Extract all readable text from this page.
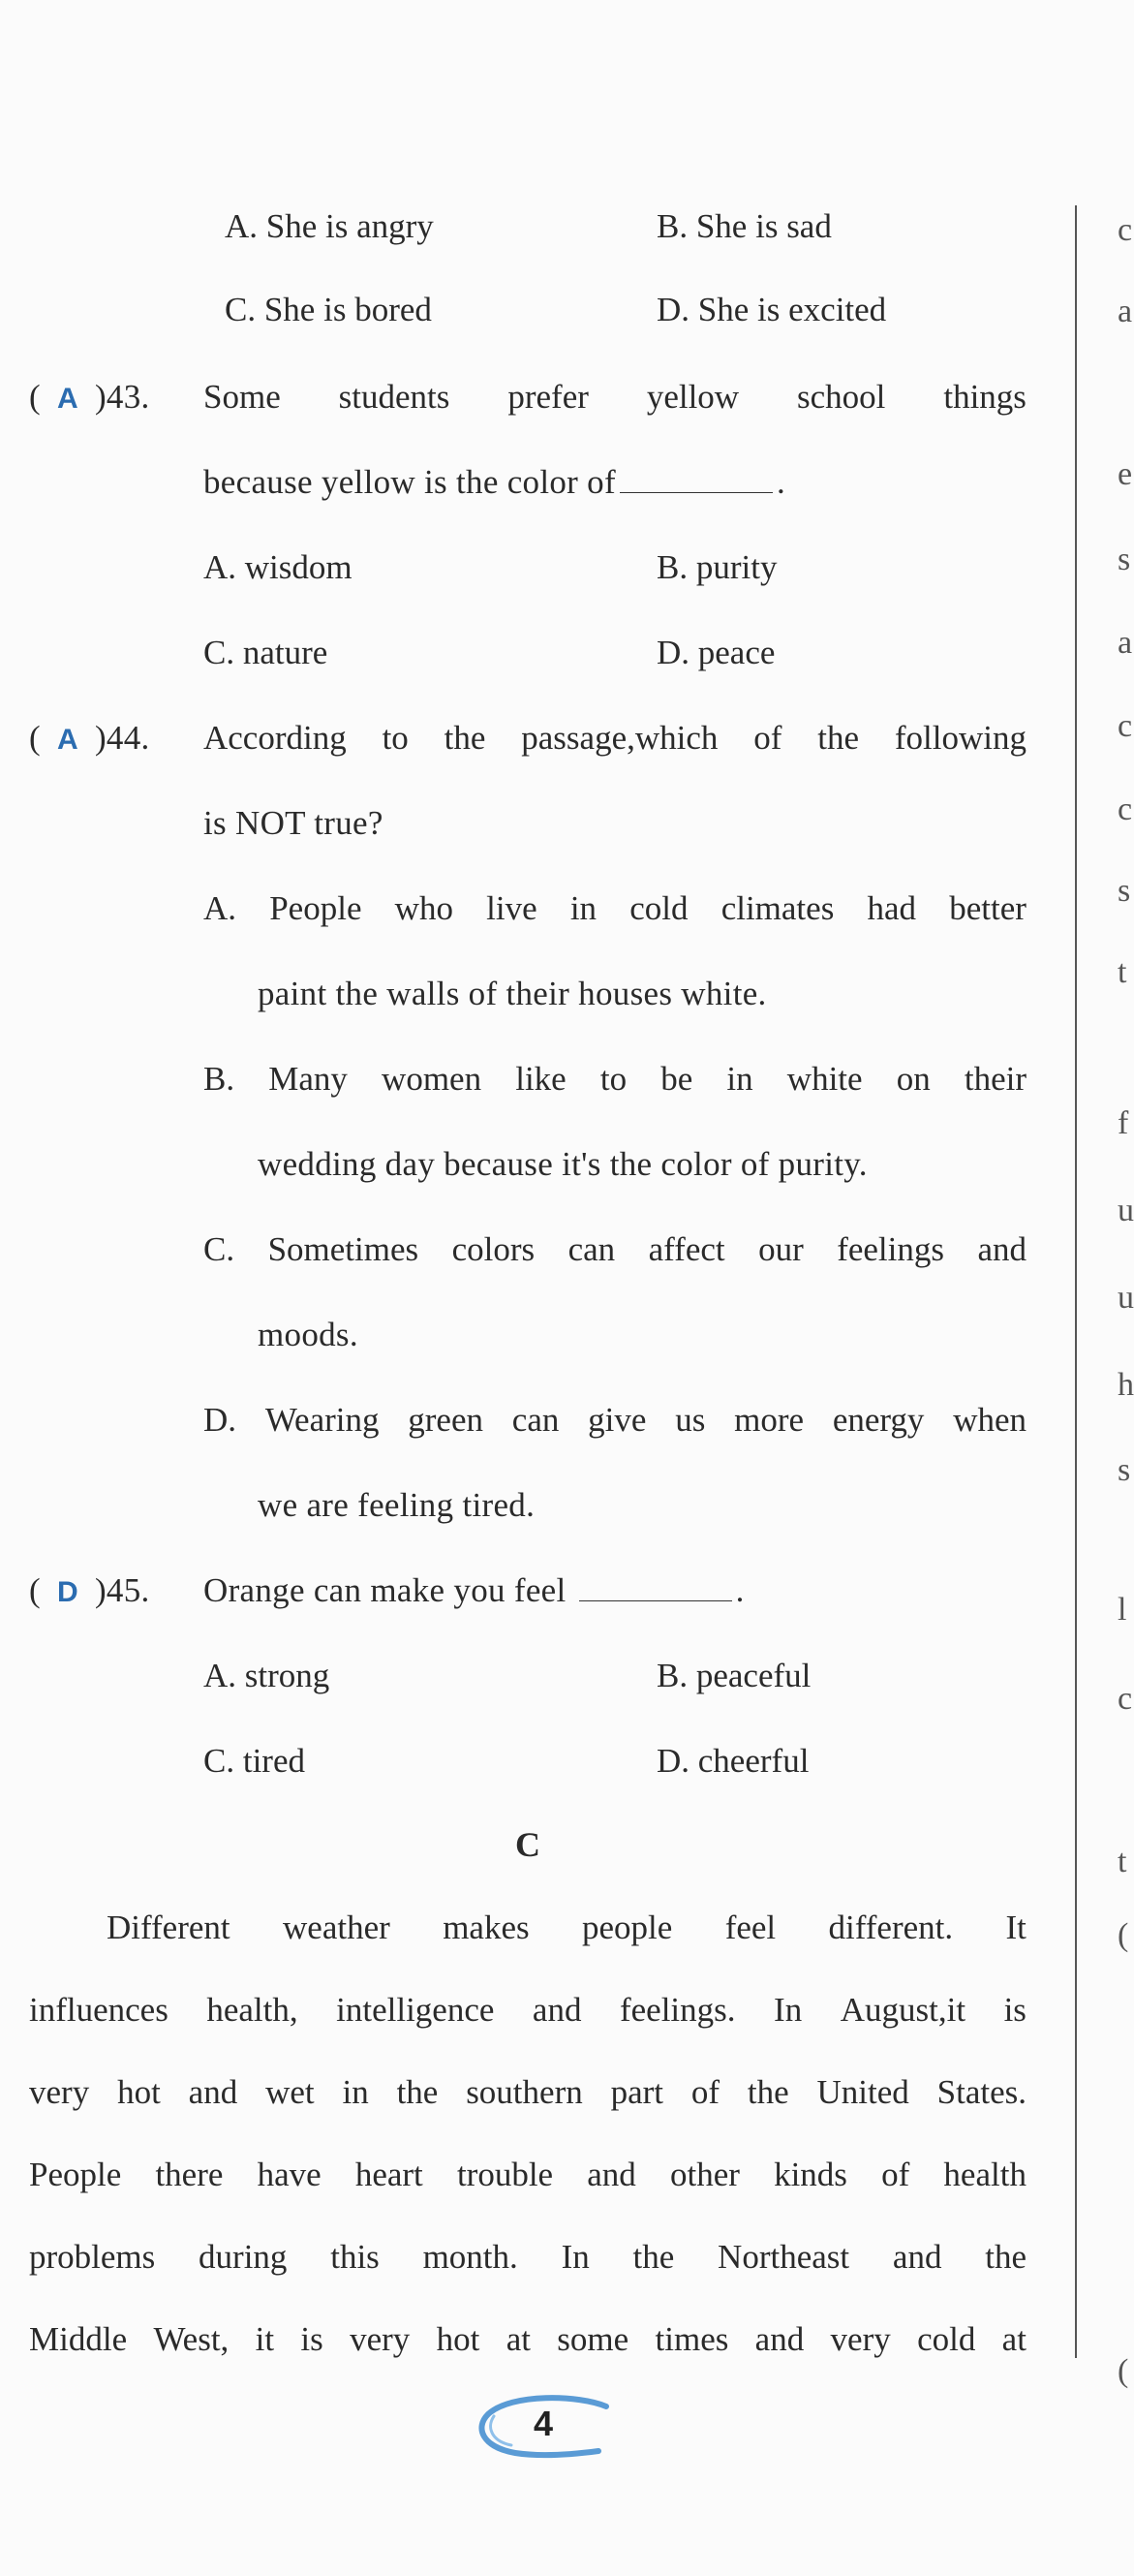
A. She is angry	B. She is sad
C. She is bored	D. She is excited
( A )43. Some students prefer yellow school things
because yellow is the color of	.
A. wisdom	B. purity
C. nature	D. peace
( A )44. According to the passage,which of the following
is NOT true?
A. People who live in cold climates had better
paint the walls of their houses white.
B. Many women like to be in white on their
wedding day because it's the color of purity.
C. Sometimes colors can affect our feelings and
moods.
D. Wearing green can give us more energy when
we are feeling tired.
( D )45. Orange can make you feel	.
A. strong	B. peaceful
C. tired	D. cheerful
C
Different weather makes people feel different. It
influences health, intelligence and feelings. In August,it is
very hot and wet in the southern part of the United States.
People there have heart trouble and other kinds of health
problems during this month. In the Northeast and the
Middle West, it is very hot at some times and very cold at
c
a
e
s
a
c
c
s
t
f
u
u
h
s
l
c
t
(
(
4
